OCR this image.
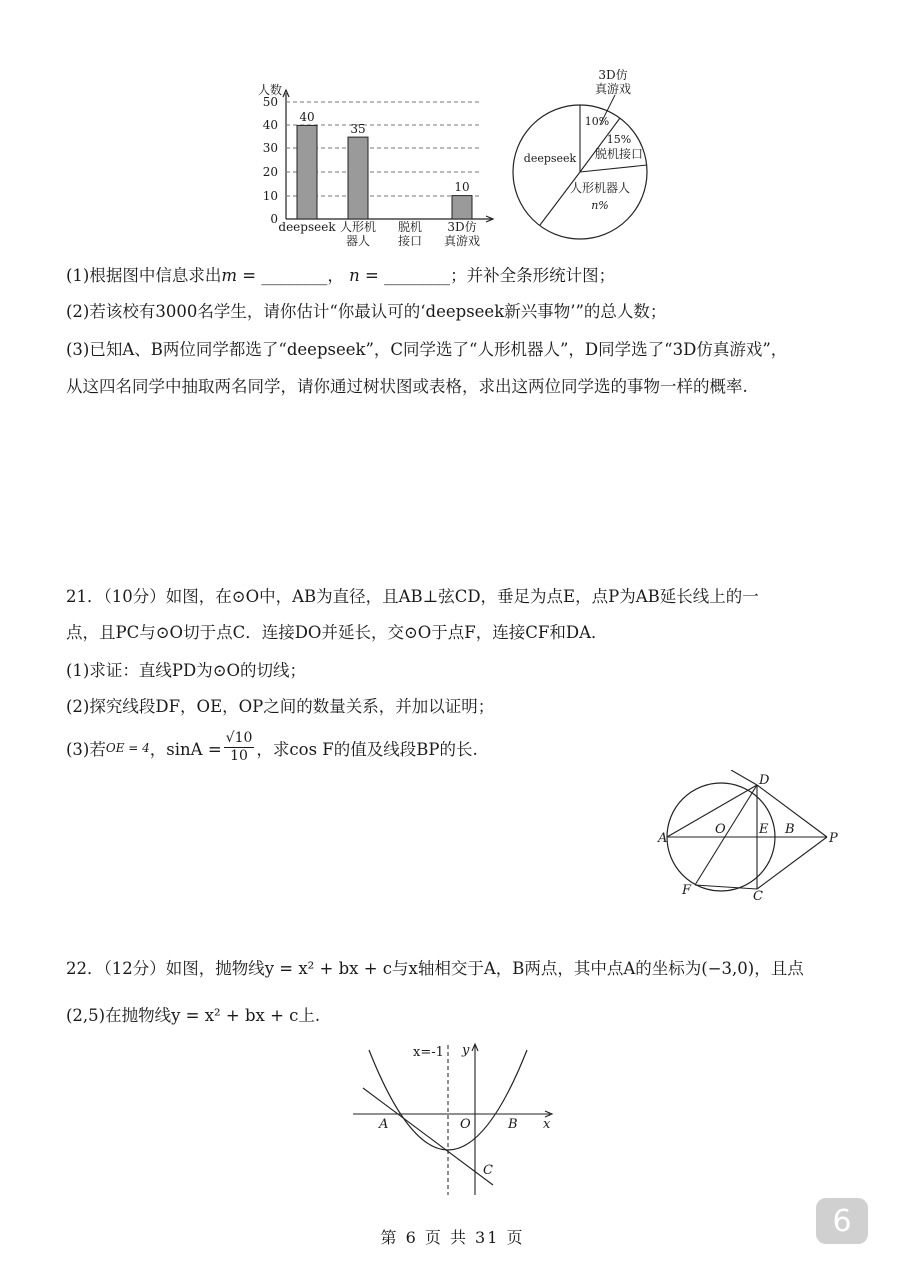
人数
50
40
30
20
10
0
40
35
10
deepseek 人形机
器人
脱机
接口
3D仿
真游戏
3D仿
真游戏
10%
15%
脱机接口
deepseek
人形机器人
n%
(1)根据图中信息求出m = ________， n = ________；并补全条形统计图；
(2)若该校有3000名学生，请你估计“你最认可的‘deepseek新兴事物’”的总人数；
(3)已知A、B两位同学都选了“deepseek”，C同学选了“人形机器人”，D同学选了“3D仿真游戏”，
从这四名同学中抽取两名同学，请你通过树状图或表格，求出这两位同学选的事物一样的概率.
21．（10分）如图，在⊙O中，AB为直径，且AB⊥弦CD，垂足为点E，点P为AB延长线上的一
点，且PC与⊙O切于点C．连接DO并延长，交⊙O于点F，连接CF和DA．
(1)求证：直线PD为⊙O的切线；
(2)探究线段DF，OE，OP之间的数量关系，并加以证明；
(3)若 OE = 4 ，$\sin A = \frac{√10}{10}$ ，求cos F的值及线段BP的长.
D
A
O	E B
P
F	C
22．（12分）如图，抛物线y = x² + bx + c与x轴相交于A，B两点，其中点A的坐标为(−3,0)，且点
(2,5)在抛物线y = x² + bx + c上.
x=-1 y
x
A	O	B
C
第 6 页 共 31 页	6
